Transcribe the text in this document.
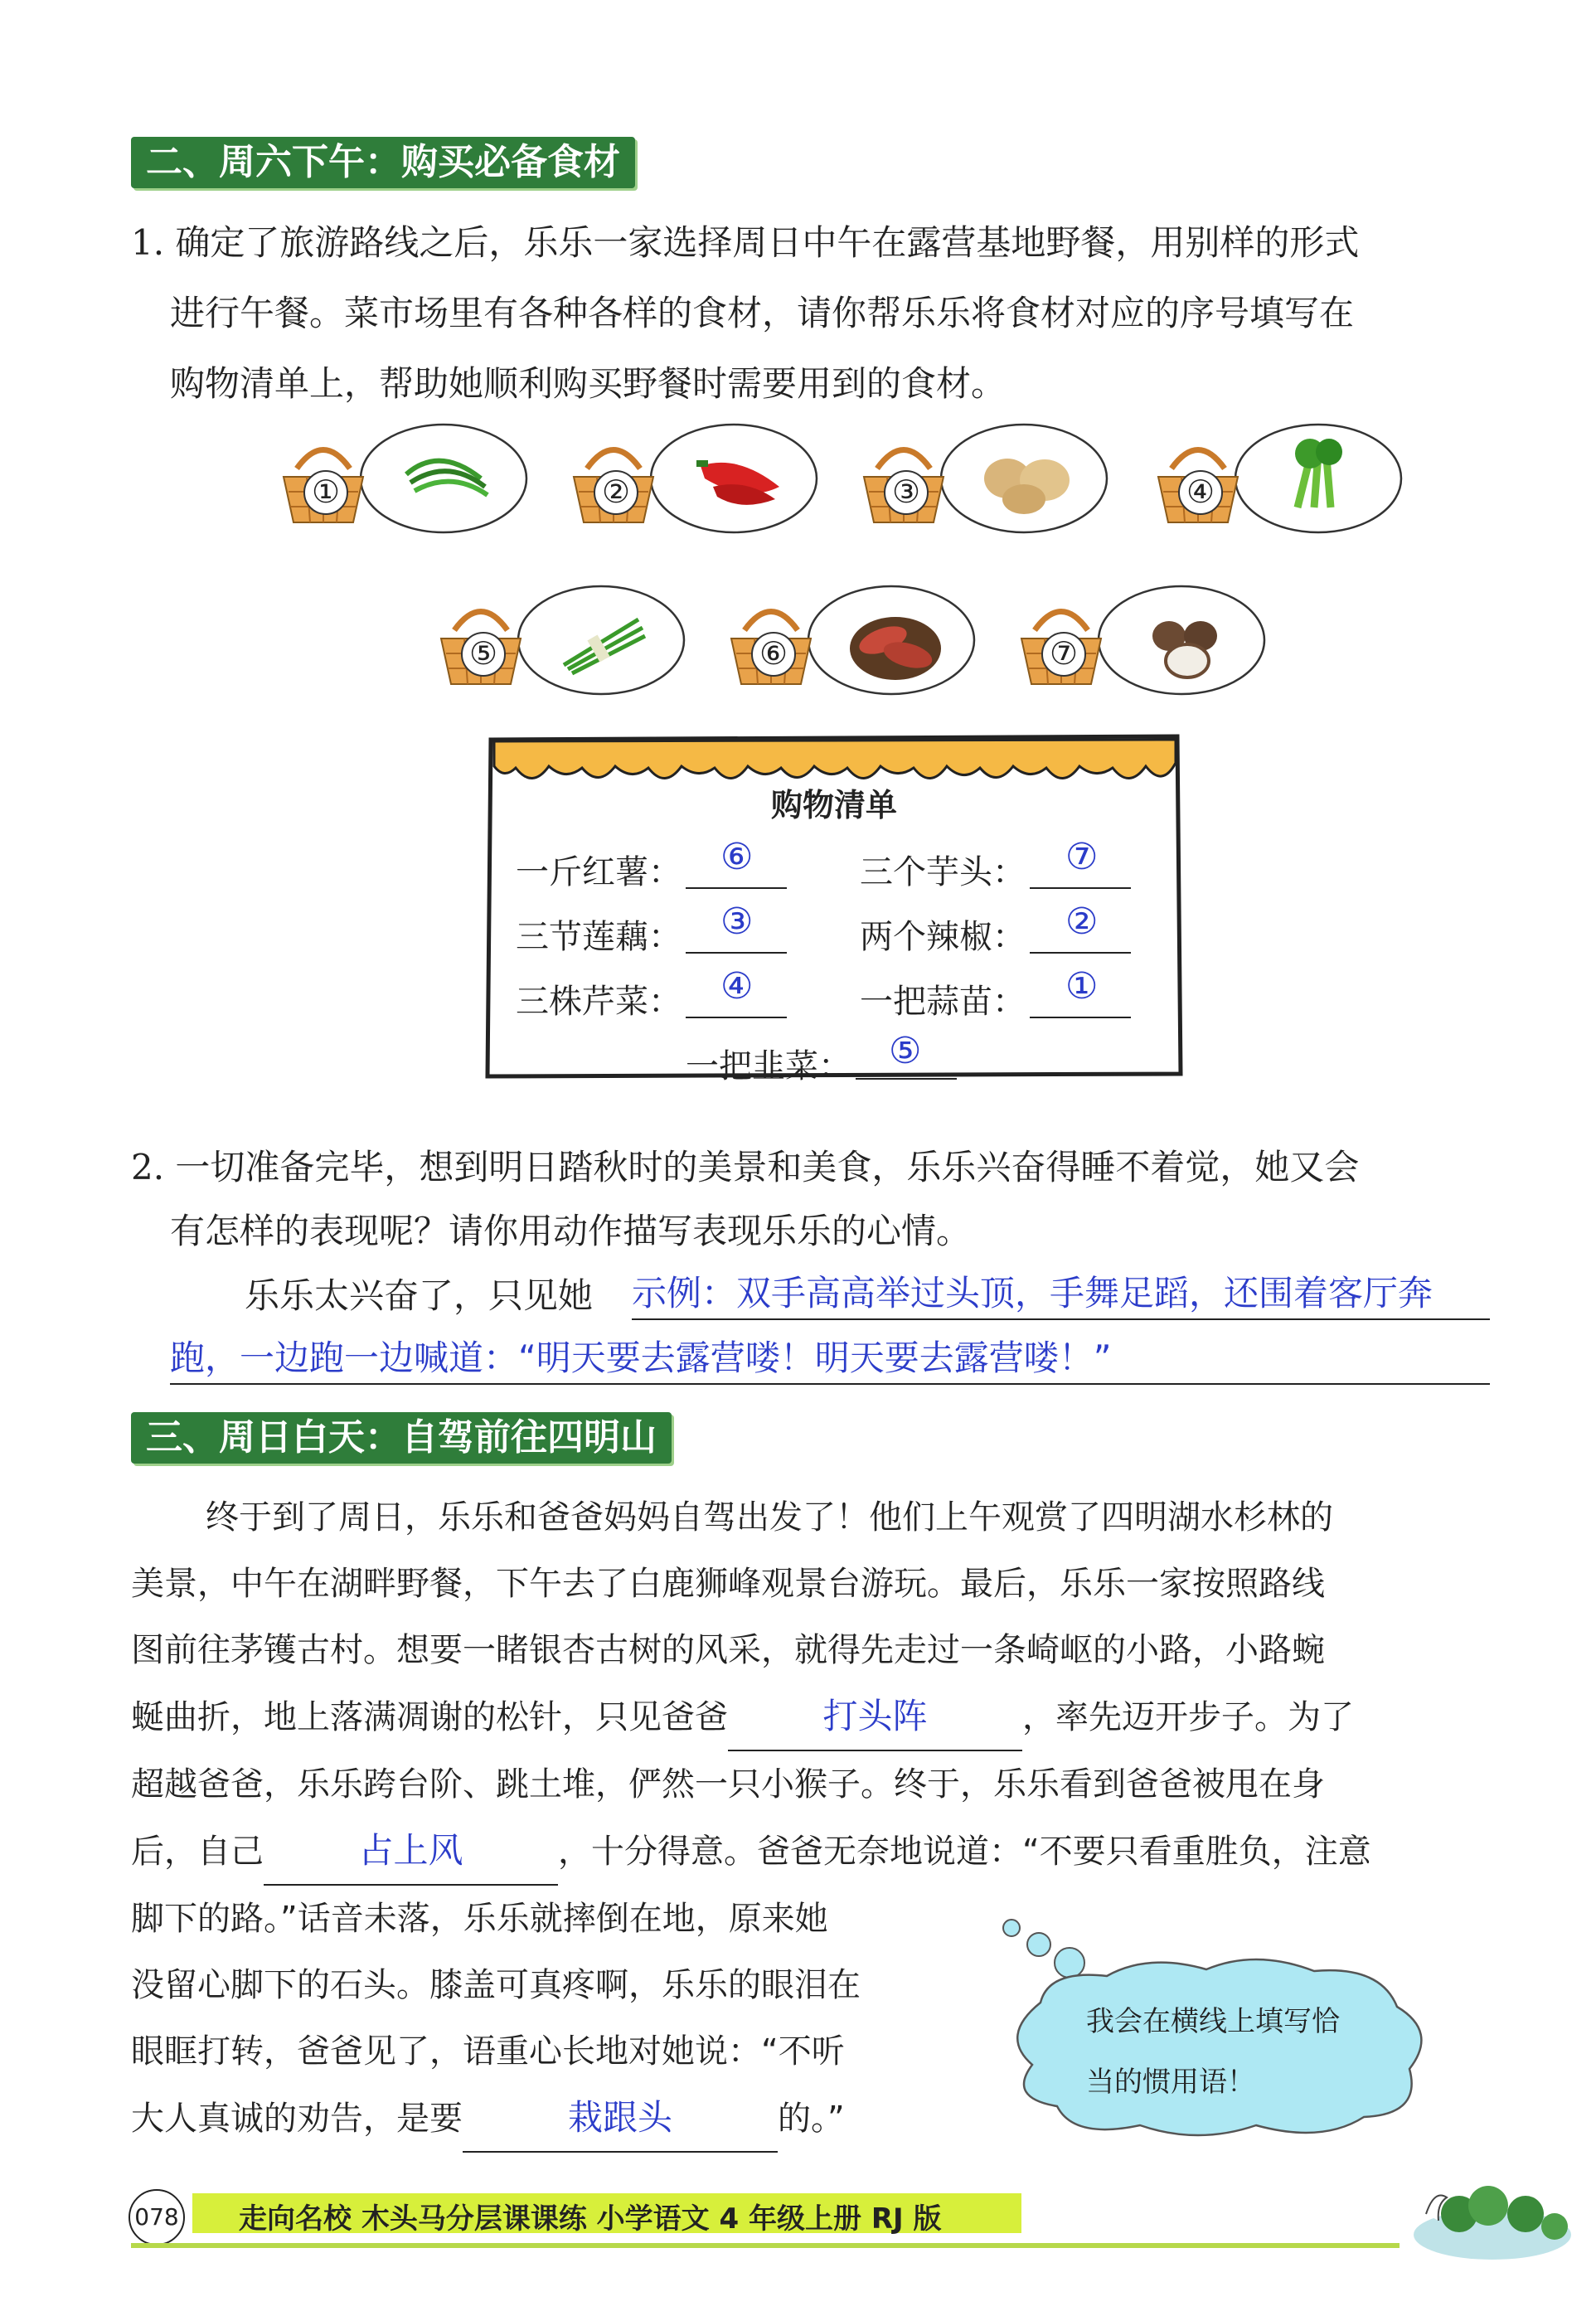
二、周六下午：购买必备食材
1. 确定了旅游路线之后，乐乐一家选择周日中午在露营基地野餐，用别样的形式
进行午餐。菜市场里有各种各样的食材，请你帮乐乐将食材对应的序号填写在
购物清单上，帮助她顺利购买野餐时需要用到的食材。
①	②	③	④
⑤	⑥	⑦
购物清单
一斤红薯： ⑥	三个芋头： ⑦
三节莲藕： ③	两个辣椒： ②
三株芹菜： ④	一把蒜苗： ①
一把韭菜： ⑤
2. 一切准备完毕，想到明日踏秋时的美景和美食，乐乐兴奋得睡不着觉，她又会
有怎样的表现呢？请你用动作描写表现乐乐的心情。
乐乐太兴奋了，只见她 示例：双手高高举过头顶，手舞足蹈，还围着客厅奔
跑，一边跑一边喊道：“明天要去露营喽！明天要去露营喽！”
三、周日白天：自驾前往四明山
终于到了周日，乐乐和爸爸妈妈自驾出发了！他们上午观赏了四明湖水杉林的
美景，中午在湖畔野餐，下午去了白鹿狮峰观景台游玩。最后，乐乐一家按照路线
图前往茅镬古村。想要一睹银杏古树的风采，就得先走过一条崎岖的小路，小路蜿
蜒曲折，地上落满凋谢的松针，只见爸爸	打头阵	，率先迈开步子。为了
超越爸爸，乐乐跨台阶、跳土堆，俨然一只小猴子。终于，乐乐看到爸爸被甩在身
后，自己	占上风	，十分得意。爸爸无奈地说道：“不要只看重胜负，注意
脚下的路。”话音未落，乐乐就摔倒在地，原来她
没留心脚下的石头。膝盖可真疼啊，乐乐的眼泪在
眼眶打转，爸爸见了，语重心长地对她说：“不听
大人真诚的劝告，是要	栽跟头	的。”
我会在横线上填写恰
当的惯用语！
078 走向名校 木头马分层课课练 小学语文 4 年级上册 RJ 版
